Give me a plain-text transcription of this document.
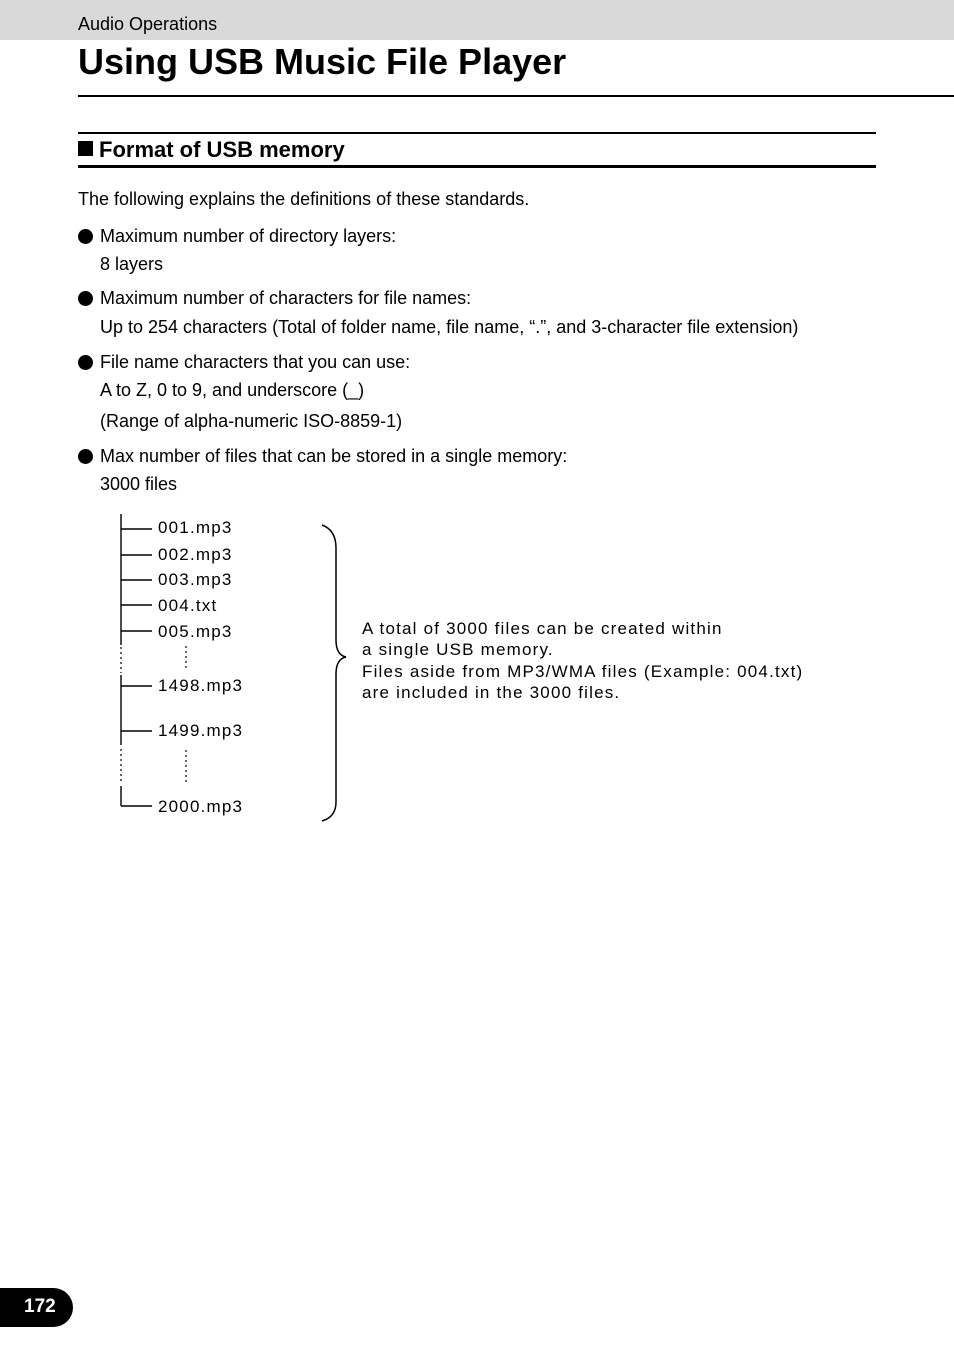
Audio Operations
Using USB Music File Player
Format of USB memory
The following explains the definitions of these standards.
Maximum number of directory layers:
8 layers
Maximum number of characters for file names:
Up to 254 characters (Total of folder name, file name, “.”, and 3-character file extension)
File name characters that you can use:
A to Z, 0 to 9, and underscore (_)
(Range of alpha-numeric ISO-8859-1)
Max number of files that can be stored in a single memory:
3000 files
001.mp3
002.mp3
003.mp3
004.txt
005.mp3
1498.mp3
1499.mp3
2000.mp3
A total of 3000 files can be created within
a single USB memory.
Files aside from MP3/WMA files (Example: 004.txt)
are included in the 3000 files.
172
